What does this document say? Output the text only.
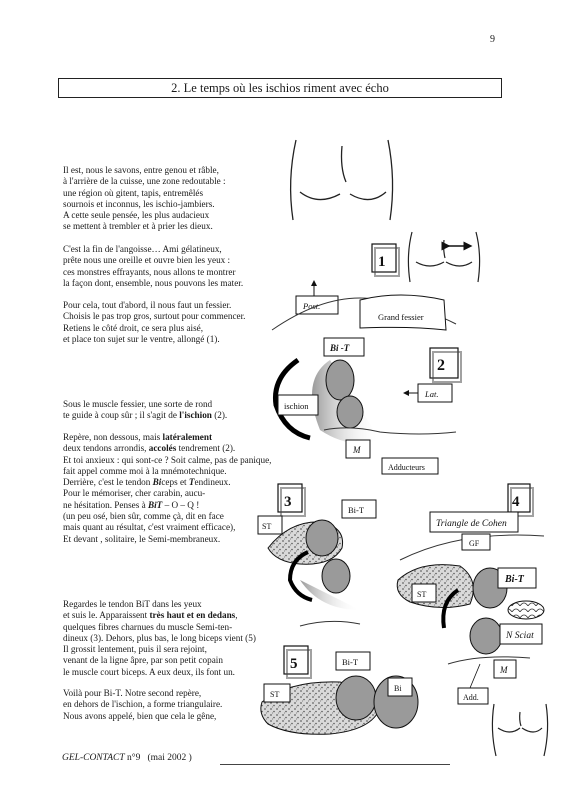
9
2. Le temps où les ischios riment avec écho
Il est, nous le savons, entre genou et râble,
à l'arrière de la cuisse, une zone redoutable :
une région où gitent, tapis, entremêlés
sournois et inconnus, les ischio-jambiers.
A cette seule pensée, les plus audacieux
se mettent à trembler et à prier les dieux.
C'est la fin de l'angoisse… Ami gélatineux,
prête nous une oreille et ouvre bien les yeux :
ces monstres effrayants, nous allons te montrer
la façon dont, ensemble, nous pouvons les mater.
Pour cela, tout d'abord, il nous faut un fessier.
Choisis le pas trop gros, surtout pour commencer.
Retiens le côté droit, ce sera plus aisé,
et place ton sujet sur le ventre, allongé (1).
Sous le muscle fessier, une sorte de rond
te guide à coup sûr ; il s'agit de l'ischion (2).
Repère, non dessous, mais latéralement
deux tendons arrondis, accolés tendrement (2).
Et toi anxieux : qui sont-ce ? Soit calme, pas de panique,
fait appel comme moi à la mnémotechnique.
Derrière, c'est le tendon Biceps et Tendineux.
Pour le mémoriser, cher carabin, aucu-
ne hésitation. Penses à BiT – O – Q !
(un peu osé, bien sûr, comme çà, dit en face
mais quant au résultat, c'est vraiment efficace),
Et devant , solitaire, le Semi-membraneux.
Regardes le tendon BiT dans les yeux
et suis le. Apparaissent très haut et en dedans,
quelques fibres charnues du muscle Semi-ten-
dineux (3). Dehors, plus bas, le long biceps vient (5)
Il grossit lentement, puis il sera rejoint,
venant de la ligne âpre, par son petit copain
le muscle court biceps. A eux deux, ils font un.
Voilà pour Bi-T. Notre second repère,
en dehors de l'ischion, a forme triangulaire.
Nous avons appelé, bien que cela le gêne,
1
Post.
Grand fessier
Bi -T
ischion
2
Lat.
M
Adducteurs
3
ST
Bi-T	4
Triangle de Cohen
GF
ST
Bi-T
N Sciat
M
Add.
5	Bi-T
ST
Bi
GEL-CONTACT n°9 (mai 2002 )
